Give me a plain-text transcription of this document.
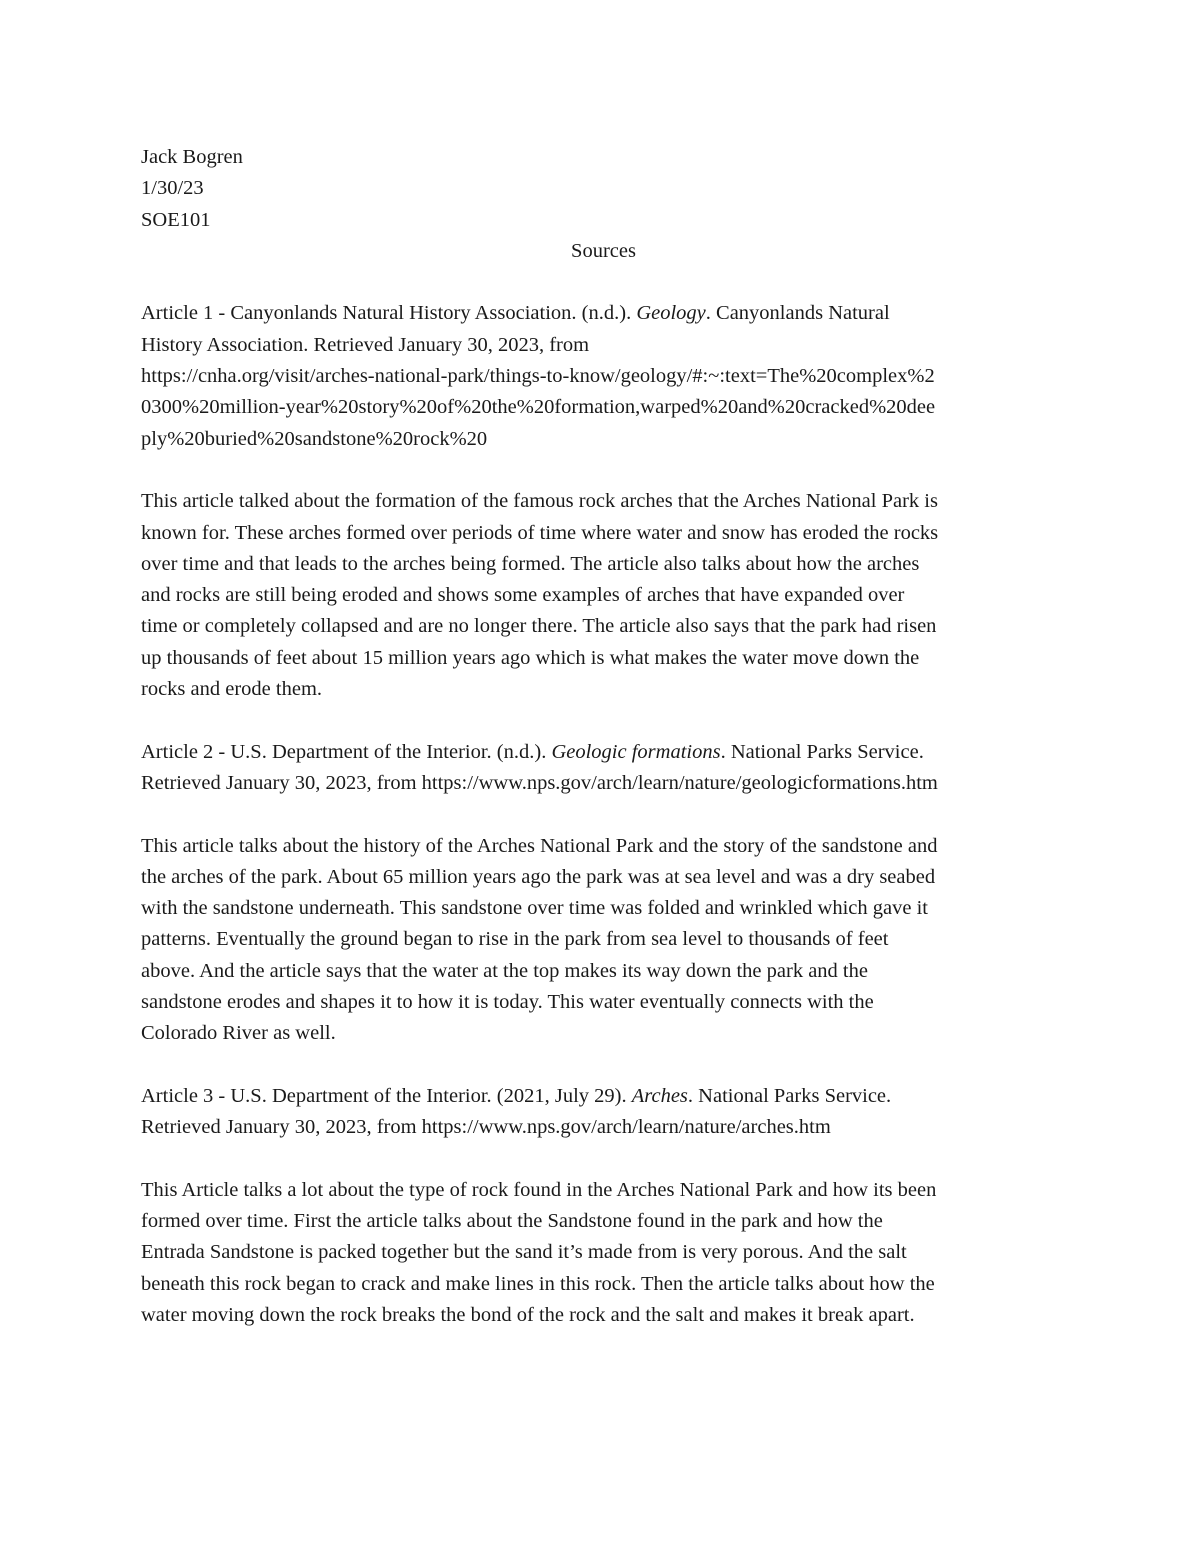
Jack Bogren
1/30/23
SOE101
Sources
Article 1 - Canyonlands Natural History Association. (n.d.). Geology. Canyonlands Natural
History Association. Retrieved January 30, 2023, from
https://cnha.org/visit/arches-national-park/things-to-know/geology/#:~:text=The%20complex%2
0300%20million-year%20story%20of%20the%20formation,warped%20and%20cracked%20dee
ply%20buried%20sandstone%20rock%20
This article talked about the formation of the famous rock arches that the Arches National Park is
known for. These arches formed over periods of time where water and snow has eroded the rocks
over time and that leads to the arches being formed. The article also talks about how the arches
and rocks are still being eroded and shows some examples of arches that have expanded over
time or completely collapsed and are no longer there. The article also says that the park had risen
up thousands of feet about 15 million years ago which is what makes the water move down the
rocks and erode them.
Article 2 - U.S. Department of the Interior. (n.d.). Geologic formations. National Parks Service.
Retrieved January 30, 2023, from https://www.nps.gov/arch/learn/nature/geologicformations.htm
This article talks about the history of the Arches National Park and the story of the sandstone and
the arches of the park. About 65 million years ago the park was at sea level and was a dry seabed
with the sandstone underneath. This sandstone over time was folded and wrinkled which gave it
patterns. Eventually the ground began to rise in the park from sea level to thousands of feet
above. And the article says that the water at the top makes its way down the park and the
sandstone erodes and shapes it to how it is today. This water eventually connects with the
Colorado River as well.
Article 3 - U.S. Department of the Interior. (2021, July 29). Arches. National Parks Service.
Retrieved January 30, 2023, from https://www.nps.gov/arch/learn/nature/arches.htm
This Article talks a lot about the type of rock found in the Arches National Park and how its been
formed over time. First the article talks about the Sandstone found in the park and how the
Entrada Sandstone is packed together but the sand it’s made from is very porous. And the salt
beneath this rock began to crack and make lines in this rock. Then the article talks about how the
water moving down the rock breaks the bond of the rock and the salt and makes it break apart.
